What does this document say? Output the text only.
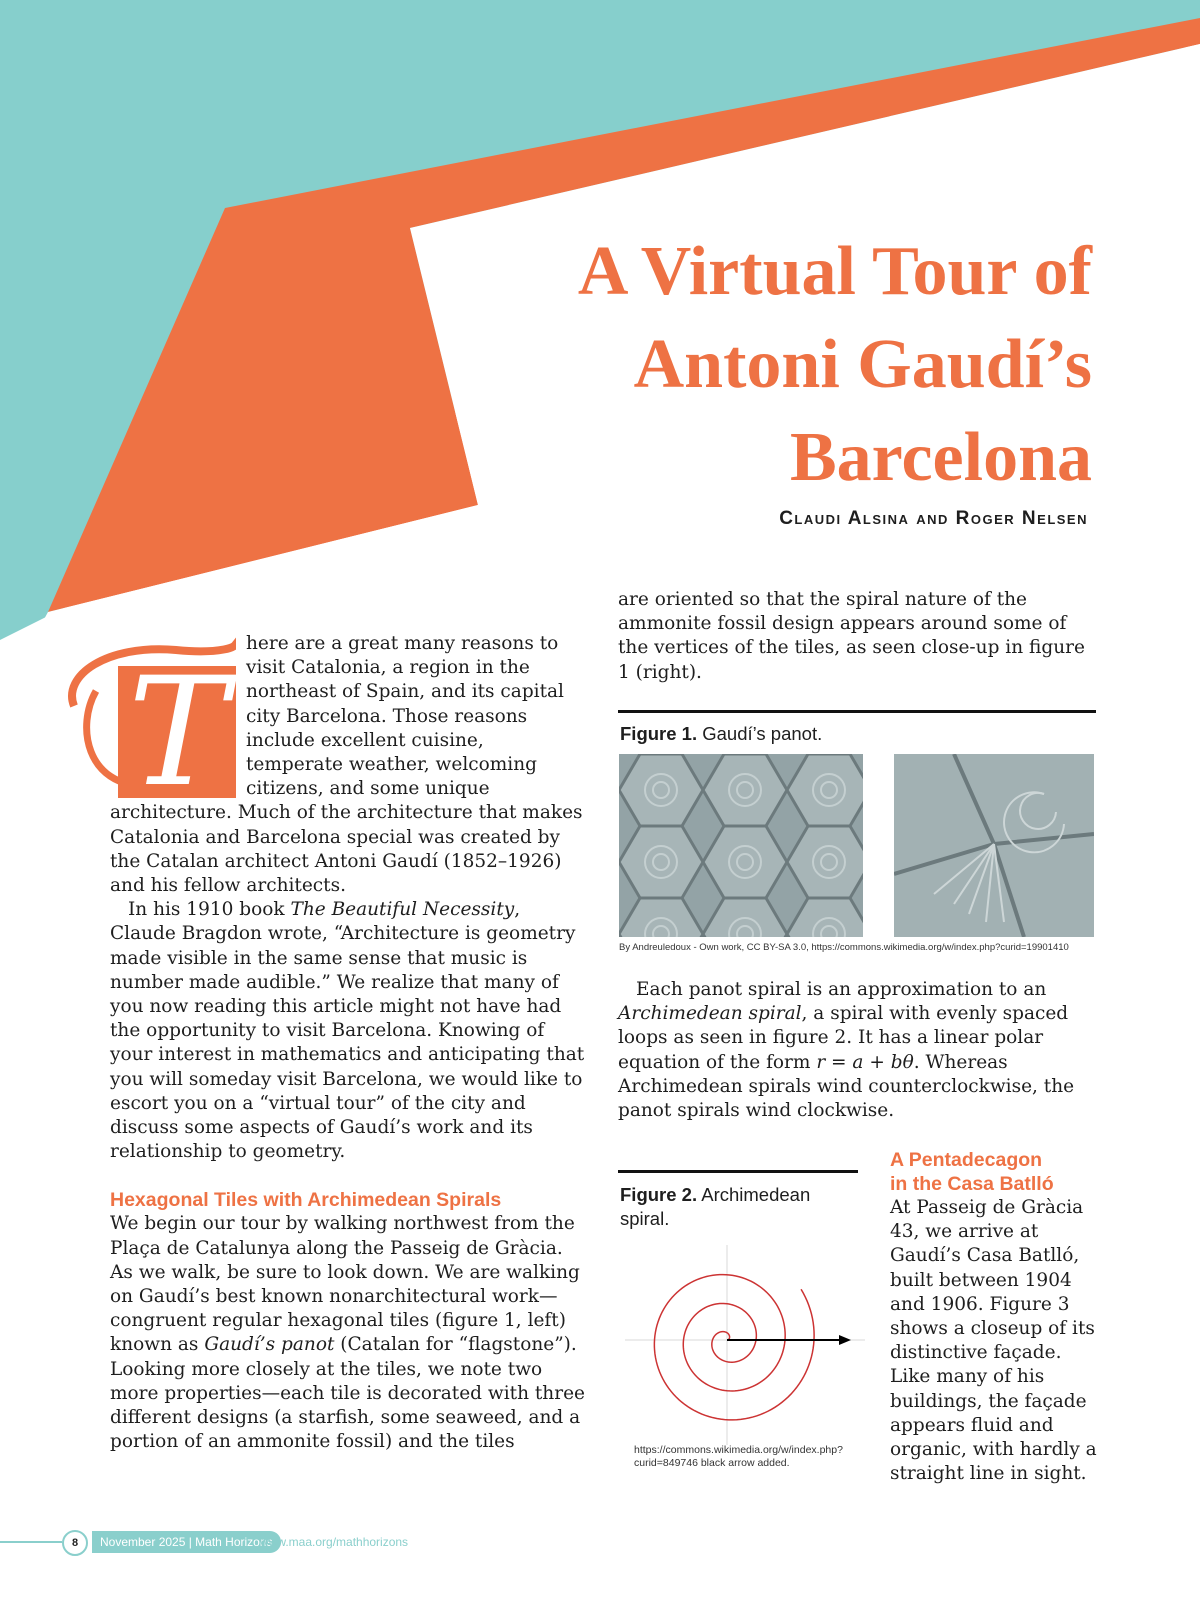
A Virtual Tour of
Antoni Gaudí’s
Barcelona
Claudi Alsina and Roger Nelsen
T

here are a great many reasons to visit Catalonia, a region in the northeast of Spain, and its capital city Barcelona. Those reasons include excellent cuisine, temperate weather, welcoming citizens, and some unique architecture. Much of the architecture that makes Catalonia and Barcelona special was created by the Catalan architect Antoni Gaudí (1852–1926) and his fellow architects.

In his 1910 book The Beautiful Necessity, Claude Bragdon wrote, “Architecture is geometry made visible in the same sense that music is number made audible.” We realize that many of you now reading this article might not have had the opportunity to visit Barcelona. Knowing of your interest in mathematics and anticipating that you will someday visit Barcelona, we would like to escort you on a “virtual tour” of the city and discuss some aspects of Gaudí’s work and its relationship to geometry.

Hexagonal Tiles with Archimedean Spirals

We begin our tour by walking northwest from the Plaça de Catalunya along the Passeig de Gràcia. As we walk, be sure to look down. We are walking on Gaudí’s best known nonarchitectural work—congruent regular hexagonal tiles (figure 1, left) known as Gaudí’s panot (Catalan for “flagstone”). Looking more closely at the tiles, we note two more properties—each tile is decorated with three different designs (a starfish, some seaweed, and a portion of an ammonite fossil) and the tiles

are oriented so that the spiral nature of the ammonite fossil design appears around some of the vertices of the tiles, as seen close-up in figure 1 (right).

Figure 1. Gaudí’s panot.
By Andreuledoux - Own work, CC BY-SA 3.0, https://commons.wikimedia.org/w/index.php?curid=19901410

Each panot spiral is an approximation to an Archimedean spiral, a spiral with evenly spaced loops as seen in figure 2. It has a linear polar equation of the form r = a + bθ. Whereas Archimedean spirals wind counterclockwise, the panot spirals wind clockwise.

Figure 2. Archimedean spiral.
https://commons.wikimedia.org/w/index.php?
curid=849746 black arrow added.
A Pentadecagon
in the Casa Batlló

At Passeig de Gràcia 43, we arrive at Gaudí’s Casa Batlló, built between 1904 and 1906. Figure 3 shows a closeup of its distinctive façade. Like many of his buildings, the façade appears fluid and organic, with hardly a straight line in sight.

8	November 2025 | Math Horizons
www.maa.org/mathhorizons
